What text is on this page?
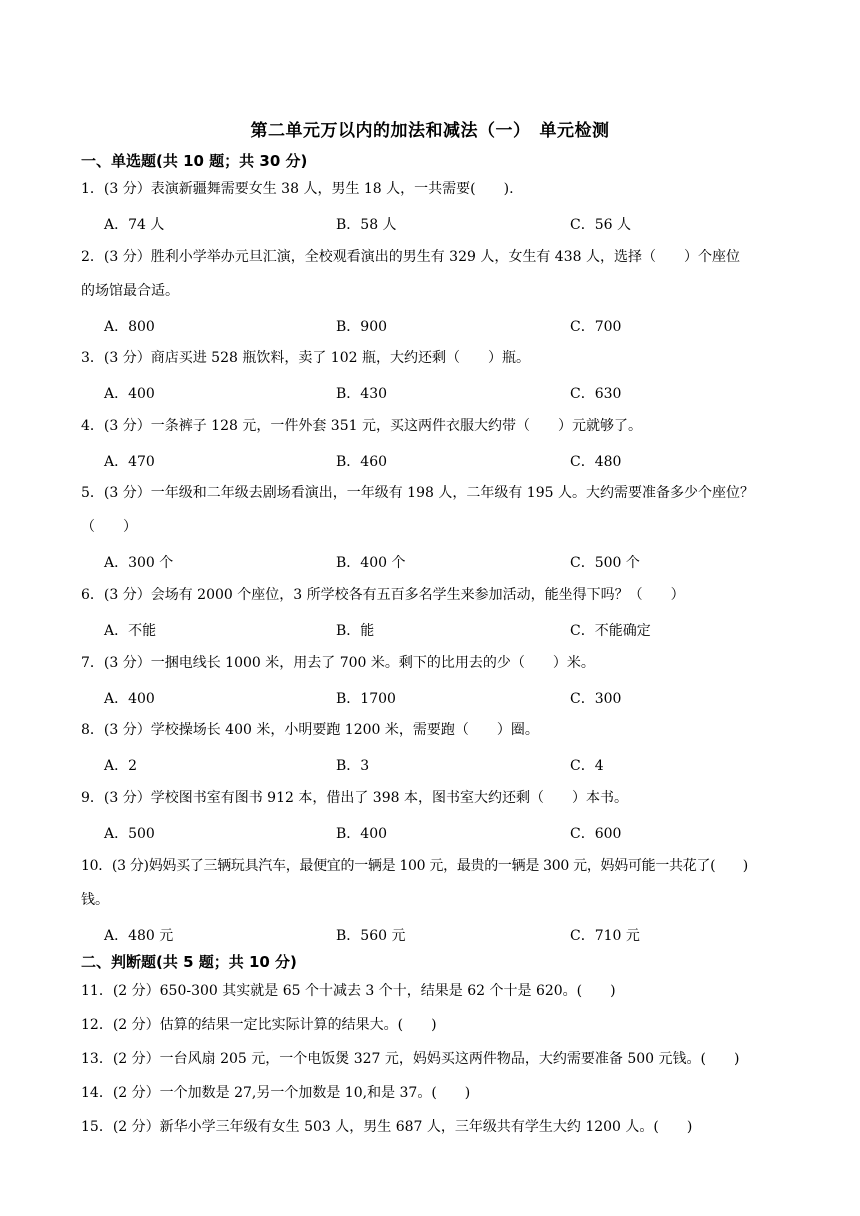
第二单元万以内的加法和减法（一）　单元检测
一、单选题(共 10 题；共 30 分)
1．(3 分）表演新疆舞需要女生 38 人，男生 18 人，一共需要(　　).
A．74 人	B．58 人	C．56 人
2．(3 分）胜利小学举办元旦汇演，全校观看演出的男生有 329 人，女生有 438 人，选择（　　）个座位
的场馆最合适。
A．800	B．900	C．700
3．(3 分）商店买进 528 瓶饮料，卖了 102 瓶，大约还剩（　　）瓶。
A．400	B．430	C．630
4．(3 分）一条裤子 128 元，一件外套 351 元，买这两件衣服大约带（　　）元就够了。
A．470	B．460	C．480
5．(3 分）一年级和二年级去剧场看演出，一年级有 198 人，二年级有 195 人。大约需要准备多少个座位？
（　　）
A．300 个	B．400 个	C．500 个
6．(3 分）会场有 2000 个座位，3 所学校各有五百多名学生来参加活动，能坐得下吗？（　　）
A．不能	B．能	C．不能确定
7．(3 分）一捆电线长 1000 米，用去了 700 米。剩下的比用去的少（　　）米。
A．400	B．1700	C．300
8．(3 分）学校操场长 400 米，小明要跑 1200 米，需要跑（　　）圈。
A．2	B．3	C．4
9．(3 分）学校图书室有图书 912 本，借出了 398 本，图书室大约还剩（　　）本书。
A．500	B．400	C．600
10．(3 分)妈妈买了三辆玩具汽车，最便宜的一辆是 100 元，最贵的一辆是 300 元，妈妈可能一共花了(　　)
钱。
A．480 元	B．560 元	C．710 元
二、判断题(共 5 题；共 10 分)
11．(2 分）650-300 其实就是 65 个十减去 3 个十，结果是 62 个十是 620。(　　)
12．(2 分）估算的结果一定比实际计算的结果大。(　　)
13．(2 分）一台风扇 205 元，一个电饭煲 327 元，妈妈买这两件物品，大约需要准备 500 元钱。(　　)
14．(2 分）一个加数是 27,另一个加数是 10,和是 37。(　　)
15．(2 分）新华小学三年级有女生 503 人，男生 687 人，三年级共有学生大约 1200 人。(　　)
